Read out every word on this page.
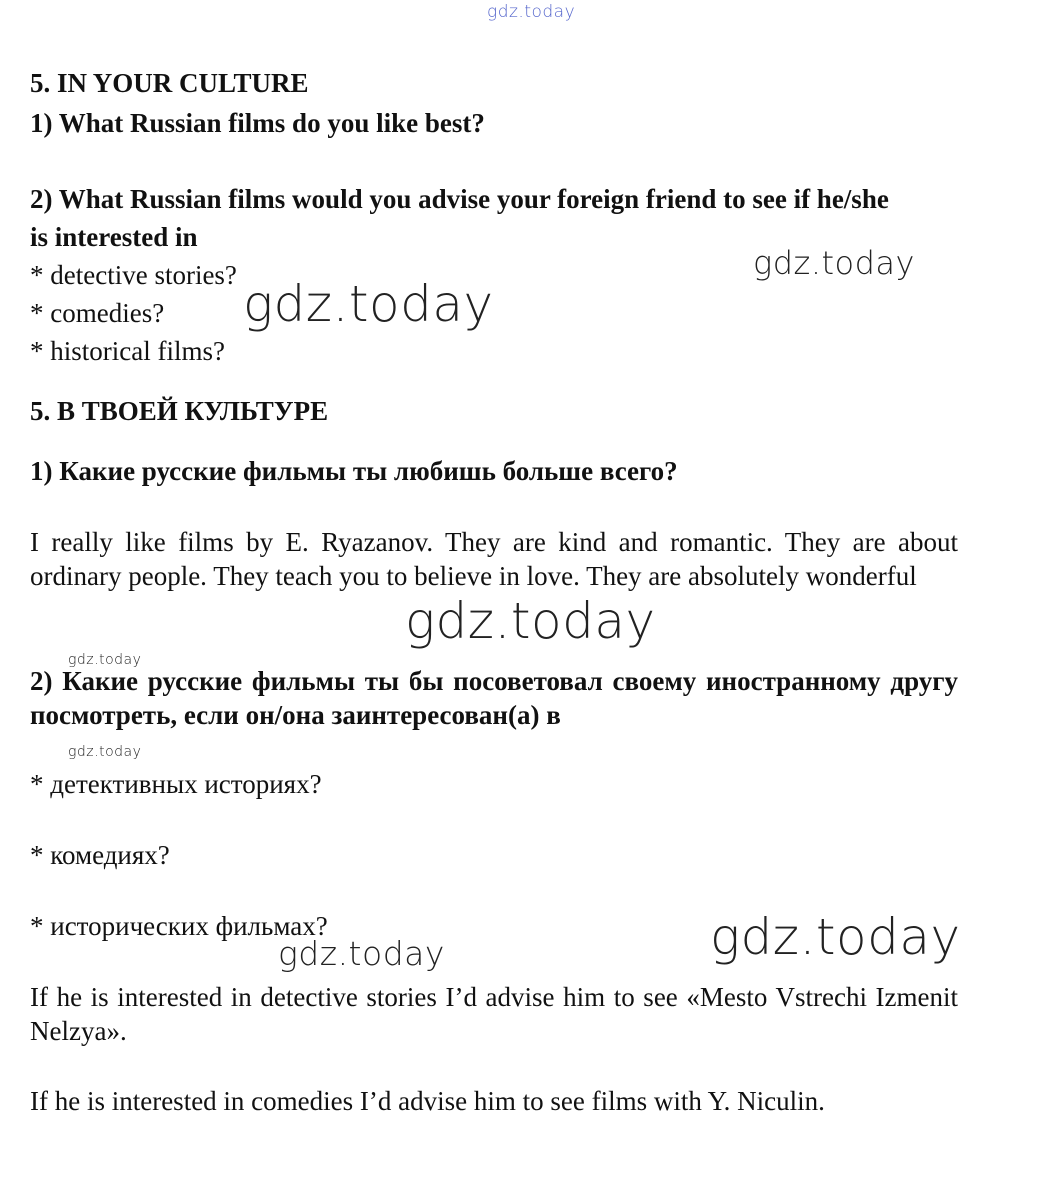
gdz.today
gdz.today
gdz.today
gdz.today
gdz.today
gdz.today
gdz.today	gdz.today
5. IN YOUR CULTURE
1) What Russian films do you like best?
2) What Russian films would you advise your foreign friend to see if he/she
is interested in
* detective stories?
* comedies?
* historical films?
5. В ТВОЕЙ КУЛЬТУРЕ
1) Какие русские фильмы ты любишь больше всего?
I really like films by E. Ryazanov. They are kind and romantic. They are about ordinary people. They teach you to believe in love. They are absolutely wonderful
2) Какие русские фильмы ты бы посоветовал своему иностранному другу посмотреть, если он/она заинтересован(а) в
* детективных историях?
* комедиях?
* исторических фильмах?
If he is interested in detective stories I’d advise him to see «Mesto Vstrechi Izmenit Nelzya».
If he is interested in comedies I’d advise him to see films with Y. Niculin.
